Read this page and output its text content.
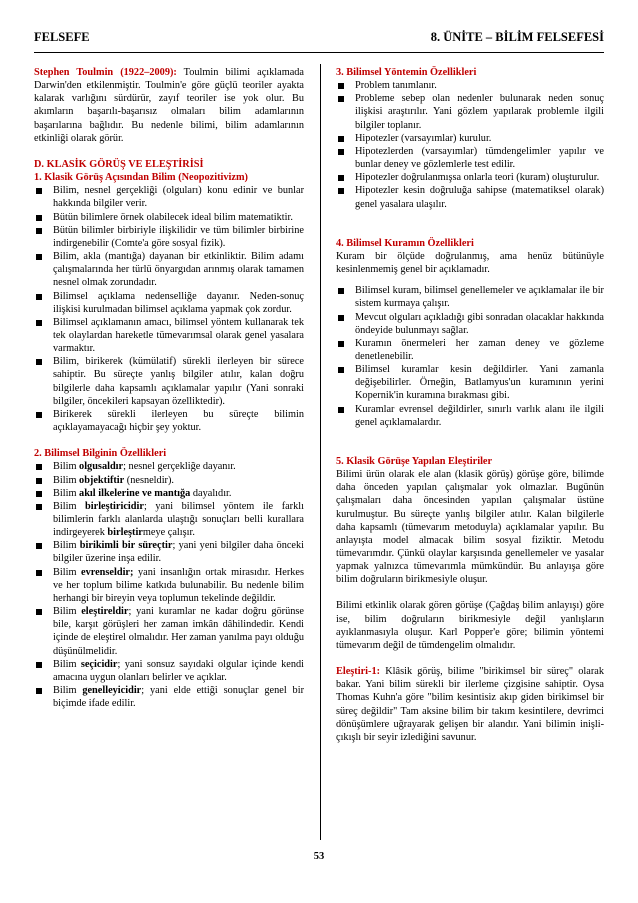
FELSEFE	8. ÜNİTE – BİLİM FELSEFESİ

Stephen Toulmin (1922–2009): Toulmin bilimi açıklamada Darwin'den etkilenmiştir. Toulmin'e göre güçlü teoriler ayakta kalarak varlığını sürdürür, zayıf teoriler ise yok olur. Bu akımların başarılı-başarısız olmaları bilim adamlarının başarılarına bağlıdır. Bu nedenle bilimi, bilim adamlarının etkinliği olarak görür.

D. KLASİK GÖRÜŞ VE ELEŞTİRİSİ
1. Klasik Görüş Açısından Bilim (Neopozitivizm)
Bilim, nesnel gerçekliği (olguları) konu edinir ve bunlar hakkında bilgiler verir.
Bütün bilimlere örnek olabilecek ideal bilim matematiktir.
Bütün bilimler birbiriyle ilişkilidir ve tüm bilimler birbirine indirgenebilir (Comte'a göre sosyal fizik).
Bilim, akla (mantığa) dayanan bir etkinliktir. Bilim adamı çalışmalarında her türlü önyargıdan arınmış olarak tamamen nesnel olmak zorundadır.
Bilimsel açıklama nedenselliğe dayanır. Neden-sonuç ilişkisi kurulmadan bilimsel açıklama yapmak çok zordur.
Bilimsel açıklamanın amacı, bilimsel yöntem kullanarak tek tek olaylardan hareketle tümevarımsal olarak genel yasalara varmaktır.
Bilim, birikerek (kümülatif) sürekli ilerleyen bir sürece sahiptir. Bu süreçte yanlış bilgiler atılır, kalan doğru bilgilerle daha kapsamlı açıklamalar yapılır (Yani sonraki bilgiler, öncekileri kapsayan özelliktedir).
Birikerek sürekli ilerleyen bu süreçte bilimin açıklayamayacağı hiçbir şey yoktur.
2. Bilimsel Bilginin Özellikleri
Bilim olgusaldır; nesnel gerçekliğe dayanır.
Bilim objektiftir (nesneldir).
Bilim akıl ilkelerine ve mantığa dayalıdır.
Bilim birleştiricidir; yani bilimsel yöntem ile farklı bilimlerin farklı alanlarda ulaştığı sonuçları belli kurallara indirgeyerek birleştirmeye çalışır.
Bilim birikimli bir süreçtir; yani yeni bilgiler daha önceki bilgiler üzerine inşa edilir.
Bilim evrenseldir; yani insanlığın ortak mirasıdır. Herkes ve her toplum bilime katkıda bulunabilir. Bu nedenle bilim herhangi bir bireyin veya toplumun tekelinde değildir.
Bilim eleştireldir; yani kuramlar ne kadar doğru görünse bile, karşıt görüşleri her zaman imkân dâhilindedir. Kendi içinde de eleştirel olmalıdır. Her zaman yanılma payı olduğu düşünülmelidir.
Bilim seçicidir; yani sonsuz sayıdaki olgular içinde kendi amacına uygun olanları belirler ve açıklar.
Bilim genelleyicidir; yani elde ettiği sonuçlar genel bir biçimde ifade edilir.
3. Bilimsel Yöntemin Özellikleri
Problem tanımlanır.
Probleme sebep olan nedenler bulunarak neden sonuç ilişkisi araştırılır. Yani gözlem yapılarak problemle ilgili bilgiler toplanır.
Hipotezler (varsayımlar) kurulur.
Hipotezlerden (varsayımlar) tümdengelimler yapılır ve bunlar deney ve gözlemlerle test edilir.
Hipotezler doğrulanmışsa onlarla teori (kuram) oluşturulur.
Hipotezler kesin doğruluğa sahipse (matematiksel olarak) genel yasalara ulaşılır.
4. Bilimsel Kuramın Özellikleri

Kuram bir ölçüde doğrulanmış, ama henüz bütünüyle kesinlenmemiş genel bir açıklamadır.

Bilimsel kuram, bilimsel genellemeler ve açıklamalar ile bir sistem kurmaya çalışır.
Mevcut olguları açıkladığı gibi sonradan olacaklar hakkında öndeyide bulunmayı sağlar.
Kuramın önermeleri her zaman deney ve gözleme denetlenebilir.
Bilimsel kuramlar kesin değildirler. Yani zamanla değişebilirler. Örneğin, Batlamyus'un kuramının yerini Kopernik'in kuramına bırakması gibi.
Kuramlar evrensel değildirler, sınırlı varlık alanı ile ilgili genel açıklamalardır.
5. Klasik Görüşe Yapılan Eleştiriler

Bilimi ürün olarak ele alan (klasik görüş) görüşe göre, bilimde daha önceden yapılan çalışmalar yok olmazlar. Bugünün çalışmaları daha öncesinden yapılan çalışmalar üstüne kurulmuştur. Bu süreçte yanlış bilgiler atılır. Kalan bilgilerle daha kapsamlı (tümevarım metoduyla) açıklamalar yapılır. Bu anlayışta model almacak bilim sosyal fiziktir. Metodu tümevarımdır. Çünkü olaylar karşısında genellemeler ve yasalar yapmak yalnızca tümevarımla mümkündür. Bu anlayışa göre bilim doğruların birikmesiyle oluşur.

Bilimi etkinlik olarak gören görüşe (Çağdaş bilim anlayışı) göre ise, bilim doğruların birikmesiyle değil yanlışların ayıklanmasıyla oluşur. Karl Popper'e göre; bilimin yöntemi tümevarım değil de tümdengelim olmalıdır.

Eleştiri-1: Klâsik görüş, bilime "birikimsel bir süreç" olarak bakar. Yani bilim sürekli bir ilerleme çizgisine sahiptir. Oysa Thomas Kuhn'a göre "bilim kesintisiz akıp giden birikimsel bir süreç değildir" Tam aksine bilim bir takım kesintilere, devrimci dönüşümlere uğrayarak gelişen bir alandır. Yani bilimin inişli-çıkışlı bir seyir izlediğini savunur.

53
